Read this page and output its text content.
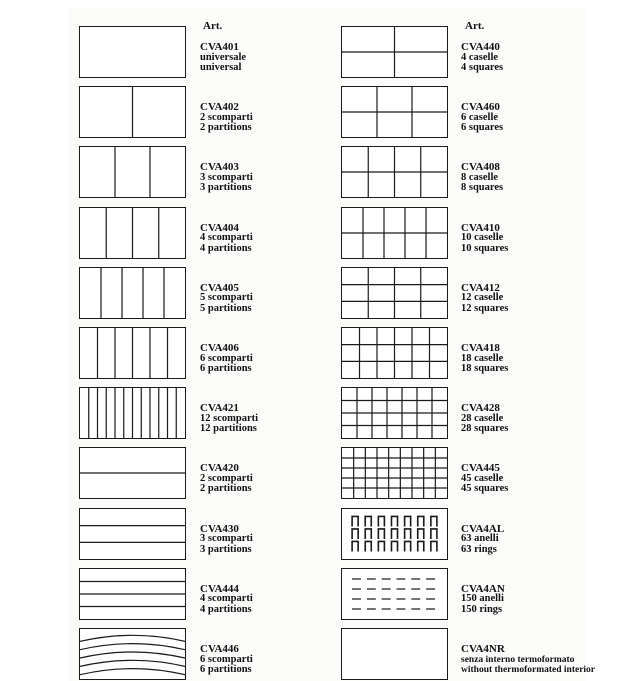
Art.	Art.
CVA401
universale
universal
CVA402
2 scomparti
2 partitions
CVA403
3 scomparti
3 partitions
CVA404
4 scomparti
4 partitions
CVA405
5 scomparti
5 partitions
CVA406
6 scomparti
6 partitions
CVA421
12 scomparti
12 partitions
CVA420
2 scomparti
2 partitions
CVA430
3 scomparti
3 partitions
CVA444
4 scomparti
4 partitions
CVA446
6 scomparti
6 partitions
CVA440
4 caselle
4 squares
CVA460
6 caselle
6 squares
CVA408
8 caselle
8 squares
CVA410
10 caselle
10 squares
CVA412
12 caselle
12 squares
CVA418
18 caselle
18 squares
CVA428
28 caselle
28 squares
CVA445
45 caselle
45 squares
CVA4AL
63 anelli
63 rings
CVA4AN
150 anelli
150 rings
CVA4NR
senza interno termoformato
without thermoformated interior
